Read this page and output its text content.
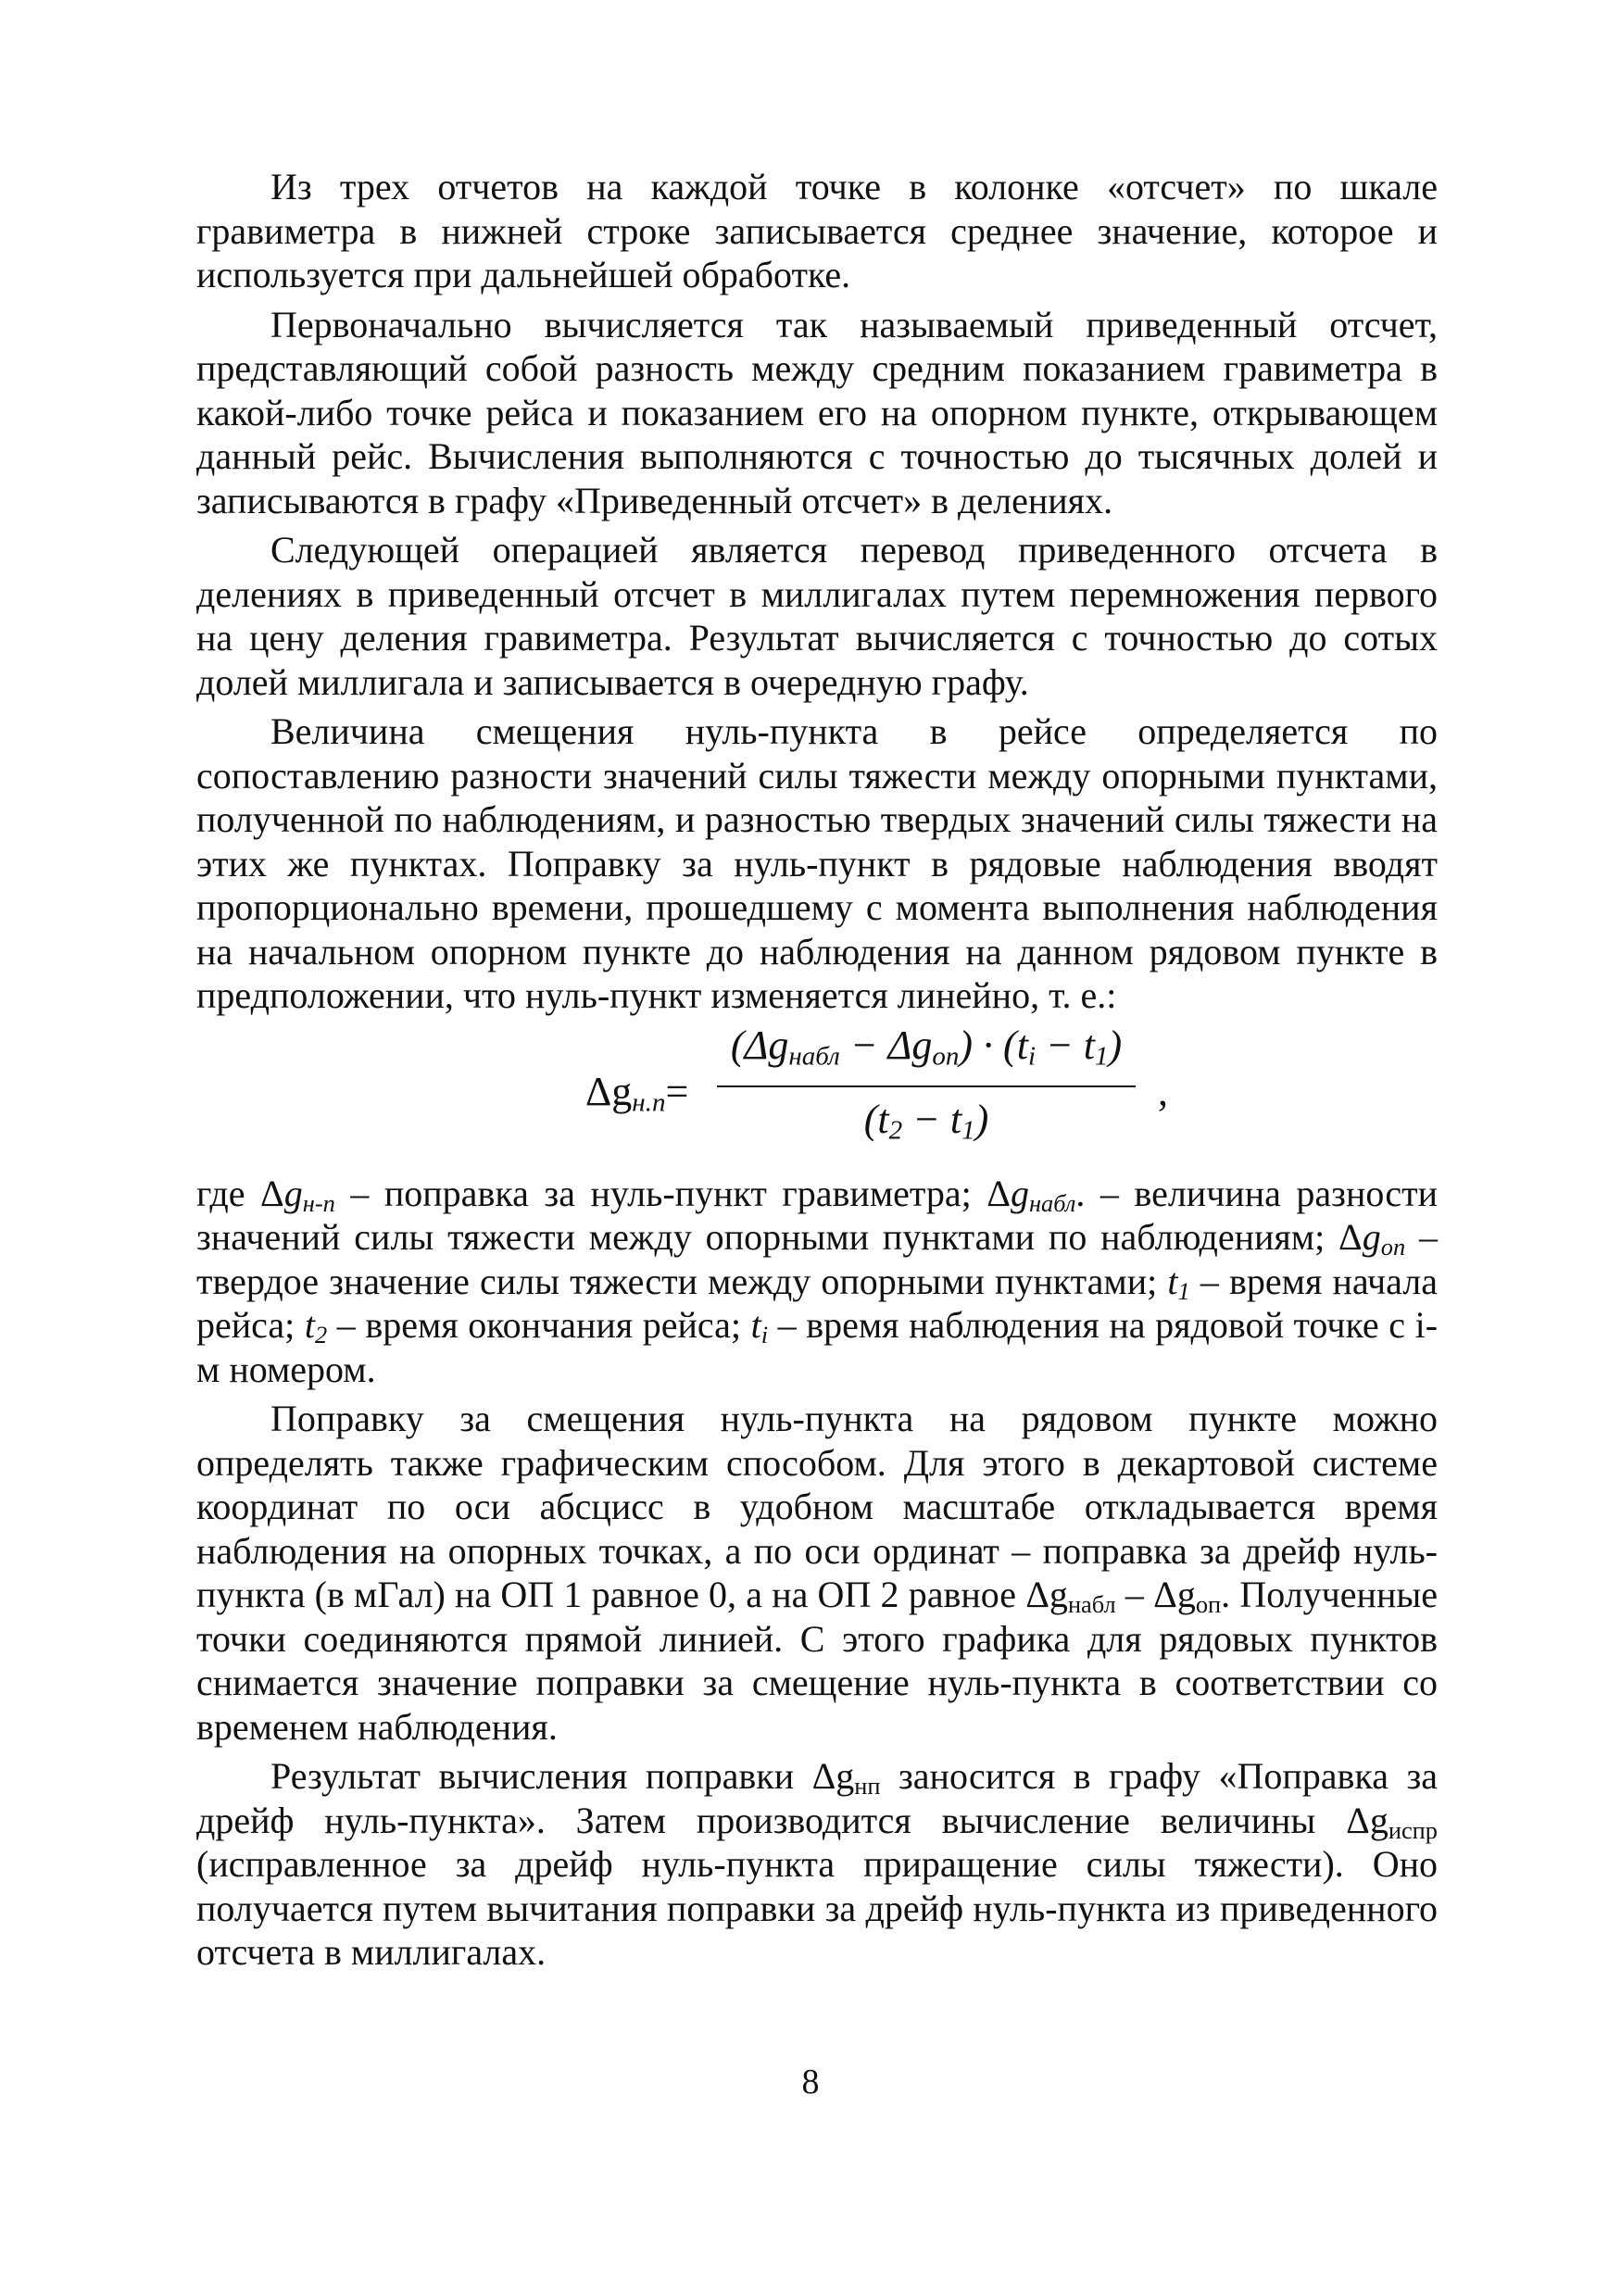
Из трех отчетов на каждой точке в колонке «отсчет» по шкале гравиметра в нижней строке записывается среднее значение, которое и используется при дальнейшей обработке.

Первоначально вычисляется так называемый приведенный отсчет, представляющий собой разность между средним показанием гравиметра в какой-либо точке рейса и показанием его на опорном пункте, открывающем данный рейс. Вычисления выполняются с точностью до тысячных долей и записываются в графу «Приведенный отсчет» в делениях.

Следующей операцией является перевод приведенного отсчета в делениях в приведенный отсчет в миллигалах путем перемножения первого на цену деления гравиметра. Результат вычисляется с точностью до сотых долей миллигала и записывается в очередную графу.

Величина смещения нуль-пункта в рейсе определяется по сопоставлению разности значений силы тяжести между опорными пунктами, полученной по наблюдениям, и разностью твердых значений силы тяжести на этих же пунктах. Поправку за нуль-пункт в рядовые наблюдения вводят пропорционально времени, прошедшему с момента выполнения наблюдения на начальном опорном пункте до наблюдения на данном рядовом пункте в предположении, что нуль-пункт изменяется линейно, т. е.:

$\Delta g_{н.п}=$
$(\Delta g_{набл} - \Delta g_{оп}) \cdot (t_i - t_1)$
$(t_2 - t_1)$
,

где $\Delta g_{н-п}$ – поправка за нуль-пункт гравиметра; $\Delta g_{набл}$. – величина разности значений силы тяжести между опорными пунктами по наблюдениям; $\Delta g_{оп}$ – твердое значение силы тяжести между опорными пунктами; $t_1$ – время начала рейса; $t_2$ – время окончания рейса; $t_i$ – время наблюдения на рядовой точке с i-м номером.

Поправку за смещения нуль-пункта на рядовом пункте можно определять также графическим способом. Для этого в декартовой системе координат по оси абсцисс в удобном масштабе откладывается время наблюдения на опорных точках, а по оси ординат – поправка за дрейф нуль-пункта (в мГал) на ОП 1 равное 0, а на ОП 2 равное $\Delta g_{набл} - \Delta g_{оп}$. Полученные точки соединяются прямой линией. С этого графика для рядовых пунктов снимается значение поправки за смещение нуль-пункта в соответствии со временем наблюдения.

Результат вычисления поправки $\Delta g_{нп}$ заносится в графу «Поправка за дрейф нуль-пункта». Затем производится вычисление величины $\Delta g_{испр}$ (исправленное за дрейф нуль-пункта приращение силы тяжести). Оно получается путем вычитания поправки за дрейф нуль-пункта из приведенного отсчета в миллигалах.

8
